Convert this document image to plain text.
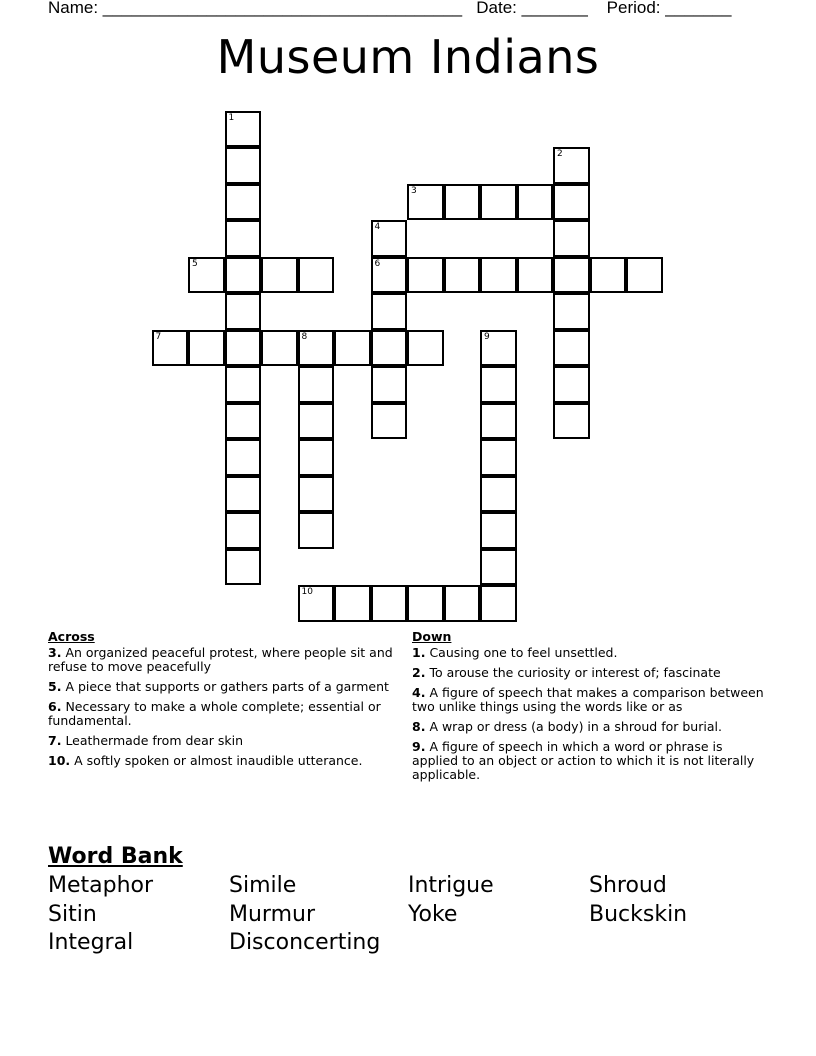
Name: ______________________________________   Date: _______    Period: _______
Museum Indians
1
2
3
4
6
5
7	8	9
10
Across
3. An organized peaceful protest, where people sit and refuse to move peacefully
5. A piece that supports or gathers parts of a garment
6. Necessary to make a whole complete; essential or fundamental.
7. Leathermade from dear skin
10. A softly spoken or almost inaudible utterance.
Down
1. Causing one to feel unsettled.
2. To arouse the curiosity or interest of; fascinate
4. A figure of speech that makes a comparison between two unlike things using the words like or as
8. A wrap or dress (a body) in a shroud for burial.
9. A figure of speech in which a word or phrase is applied to an object or action to which it is not literally applicable.
Word Bank
Metaphor	Simile	Intrigue	Shroud
Sitin	Murmur	Yoke	Buckskin
Integral	Disconcerting
